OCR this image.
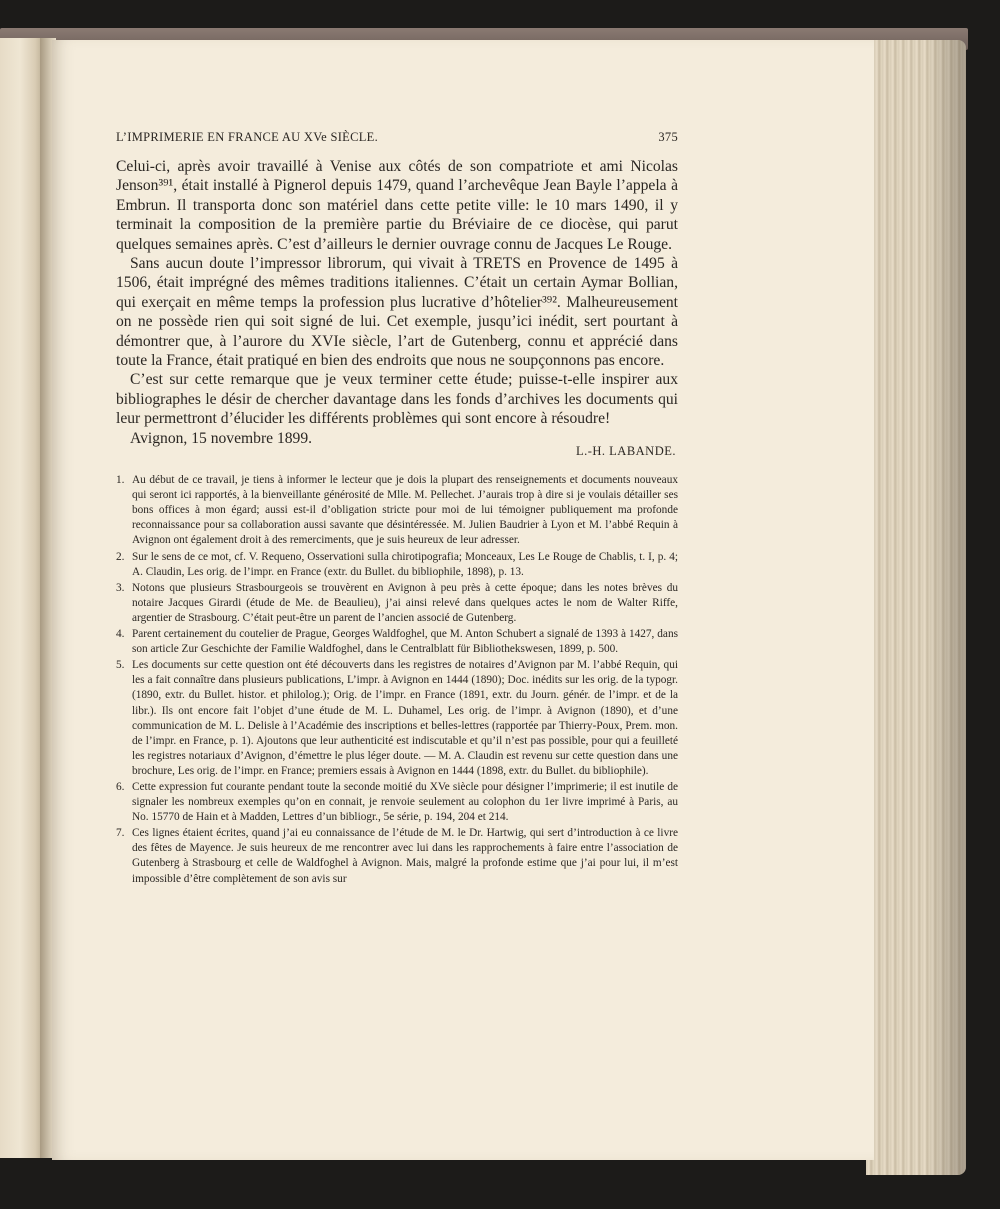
L’IMPRIMERIE EN FRANCE AU XVe SIÈCLE.	375

Celui-ci, après avoir travaillé à Venise aux côtés de son compatriote et ami Nicolas Jenson³⁹¹, était installé à Pignerol depuis 1479, quand l’archevêque Jean Bayle l’appela à Embrun. Il transporta donc son matériel dans cette petite ville: le 10 mars 1490, il y terminait la composition de la première partie du Bréviaire de ce diocèse, qui parut quelques semaines après. C’est d’ailleurs le dernier ouvrage connu de Jacques Le Rouge.

Sans aucun doute l’impressor librorum, qui vivait à TRETS en Provence de 1495 à 1506, était imprégné des mêmes traditions italiennes. C’était un certain Aymar Bollian, qui exerçait en même temps la profession plus lucrative d’hôtelier³⁹². Malheureusement on ne possède rien qui soit signé de lui. Cet exemple, jusqu’ici inédit, sert pourtant à démontrer que, à l’aurore du XVIe siècle, l’art de Gutenberg, connu et apprécié dans toute la France, était pratiqué en bien des endroits que nous ne soupçonnons pas encore.

C’est sur cette remarque que je veux terminer cette étude; puisse-t-elle inspirer aux bibliographes le désir de chercher davantage dans les fonds d’archives les documents qui leur permettront d’élucider les différents problèmes qui sont encore à résoudre!

Avignon, 15 novembre 1899.

L.-H. LABANDE.
1. Au début de ce travail, je tiens à informer le lecteur que je dois la plupart des renseignements et documents nouveaux qui seront ici rapportés, à la bienveillante générosité de Mlle. M. Pellechet. J’aurais trop à dire si je voulais détailler ses bons offices à mon égard; aussi est-il d’obligation stricte pour moi de lui témoigner publiquement ma profonde reconnaissance pour sa collaboration aussi savante que désintéressée. M. Julien Baudrier à Lyon et M. l’abbé Requin à Avignon ont également droit à des remerciments, que je suis heureux de leur adresser.
2. Sur le sens de ce mot, cf. V. Requeno, Osservationi sulla chirotipografia; Monceaux, Les Le Rouge de Chablis, t. I, p. 4; A. Claudin, Les orig. de l’impr. en France (extr. du Bullet. du bibliophile, 1898), p. 13.
3. Notons que plusieurs Strasbourgeois se trouvèrent en Avignon à peu près à cette époque; dans les notes brèves du notaire Jacques Girardi (étude de Me. de Beaulieu), j’ai ainsi relevé dans quelques actes le nom de Walter Riffe, argentier de Strasbourg. C’était peut-être un parent de l’ancien associé de Gutenberg.
4. Parent certainement du coutelier de Prague, Georges Waldfoghel, que M. Anton Schubert a signalé de 1393 à 1427, dans son article Zur Geschichte der Familie Waldfoghel, dans le Centralblatt für Bibliothekswesen, 1899, p. 500.
5. Les documents sur cette question ont été découverts dans les registres de notaires d’Avignon par M. l’abbé Requin, qui les a fait connaître dans plusieurs publications, L’impr. à Avignon en 1444 (1890); Doc. inédits sur les orig. de la typogr. (1890, extr. du Bullet. histor. et philolog.); Orig. de l’impr. en France (1891, extr. du Journ. génér. de l’impr. et de la libr.). Ils ont encore fait l’objet d’une étude de M. L. Duhamel, Les orig. de l’impr. à Avignon (1890), et d’une communication de M. L. Delisle à l’Académie des inscriptions et belles-lettres (rapportée par Thierry-Poux, Prem. mon. de l’impr. en France, p. 1). Ajoutons que leur authenticité est indiscutable et qu’il n’est pas possible, pour qui a feuilleté les registres notariaux d’Avignon, d’émettre le plus léger doute. — M. A. Claudin est revenu sur cette question dans une brochure, Les orig. de l’impr. en France; premiers essais à Avignon en 1444 (1898, extr. du Bullet. du bibliophile).
6. Cette expression fut courante pendant toute la seconde moitié du XVe siècle pour désigner l’imprimerie; il est inutile de signaler les nombreux exemples qu’on en connait, je renvoie seulement au colophon du 1er livre imprimé à Paris, au No. 15770 de Hain et à Madden, Lettres d’un bibliogr., 5e série, p. 194, 204 et 214.
7. Ces lignes étaient écrites, quand j’ai eu connaissance de l’étude de M. le Dr. Hartwig, qui sert d’introduction à ce livre des fêtes de Mayence. Je suis heureux de me rencontrer avec lui dans les rapprochements à faire entre l’association de Gutenberg à Strasbourg et celle de Waldfoghel à Avignon. Mais, malgré la profonde estime que j’ai pour lui, il m’est impossible d’être complètement de son avis sur
